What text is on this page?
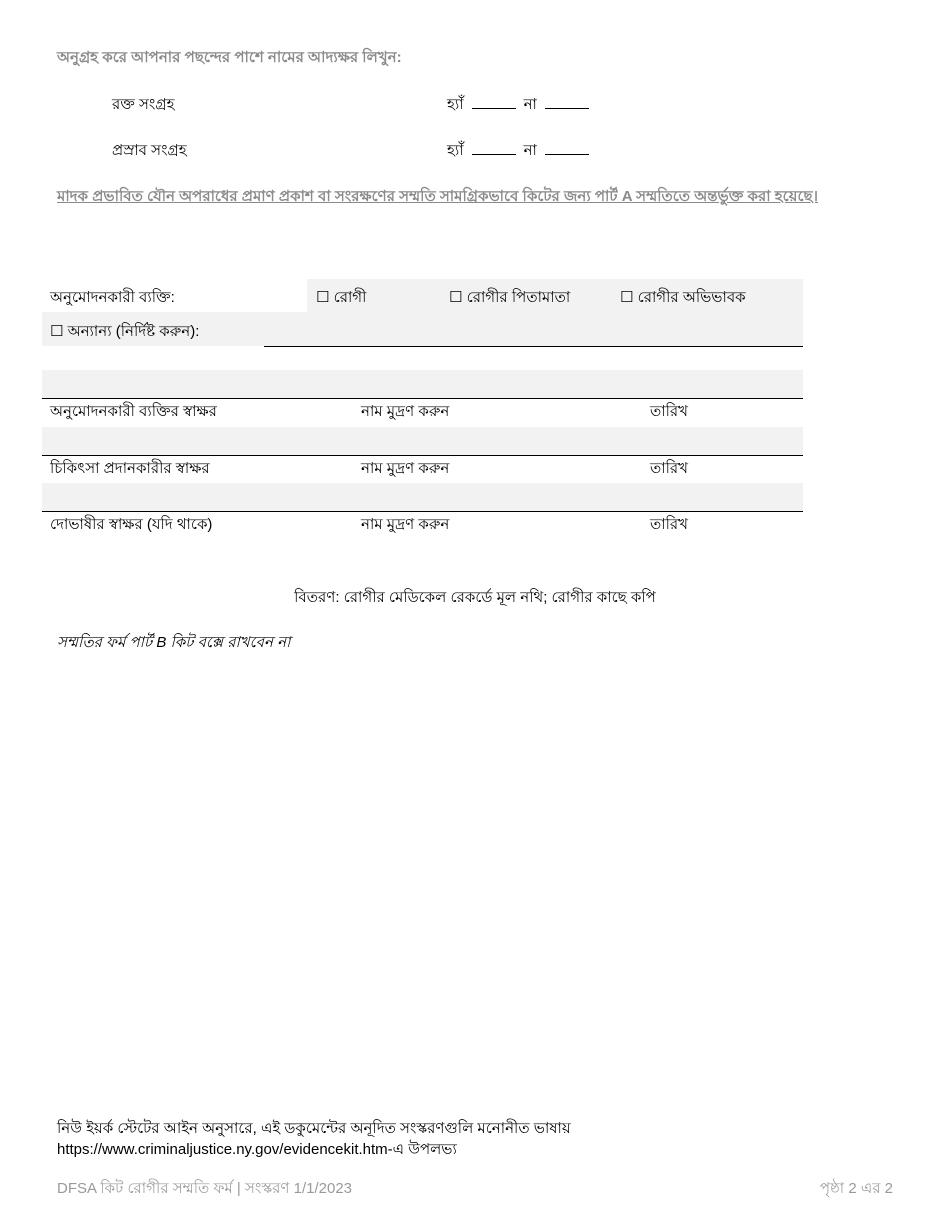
অনুগ্রহ করে আপনার পছন্দের পাশে নামের আদ্যক্ষর লিখুন:
রক্ত সংগ্রহ	হ্যাঁ	না
প্রস্রাব সংগ্রহ	হ্যাঁ	না
মাদক প্রভাবিত যৌন অপরাধের প্রমাণ প্রকাশ বা সংরক্ষণের সম্মতি সামগ্রিকভাবে কিটের জন্য পার্ট A সম্মতিতে অন্তর্ভুক্ত করা হয়েছে।
অনুমোদনকারী ব্যক্তি:	☐ রোগী	☐ রোগীর পিতামাতা	☐ রোগীর অভিভাবক
☐ অন্যান্য (নির্দিষ্ট করুন):
অনুমোদনকারী ব্যক্তির স্বাক্ষর	নাম মুদ্রণ করুন	তারিখ
চিকিৎসা প্রদানকারীর স্বাক্ষর	নাম মুদ্রণ করুন	তারিখ
দোভাষীর স্বাক্ষর (যদি থাকে)	নাম মুদ্রণ করুন	তারিখ
বিতরণ: রোগীর মেডিকেল রেকর্ডে মূল নথি; রোগীর কাছে কপি
সম্মতির ফর্ম পার্ট B কিট বক্সে রাখবেন না
নিউ ইয়র্ক স্টেটের আইন অনুসারে, এই ডকুমেন্টের অনূদিত সংস্করণগুলি মনোনীত ভাষায়
https://www.criminaljustice.ny.gov/evidencekit.htm-এ উপলভ্য
DFSA কিট রোগীর সম্মতি ফর্ম | সংস্করণ 1/1/2023	পৃষ্ঠা 2 এর 2
